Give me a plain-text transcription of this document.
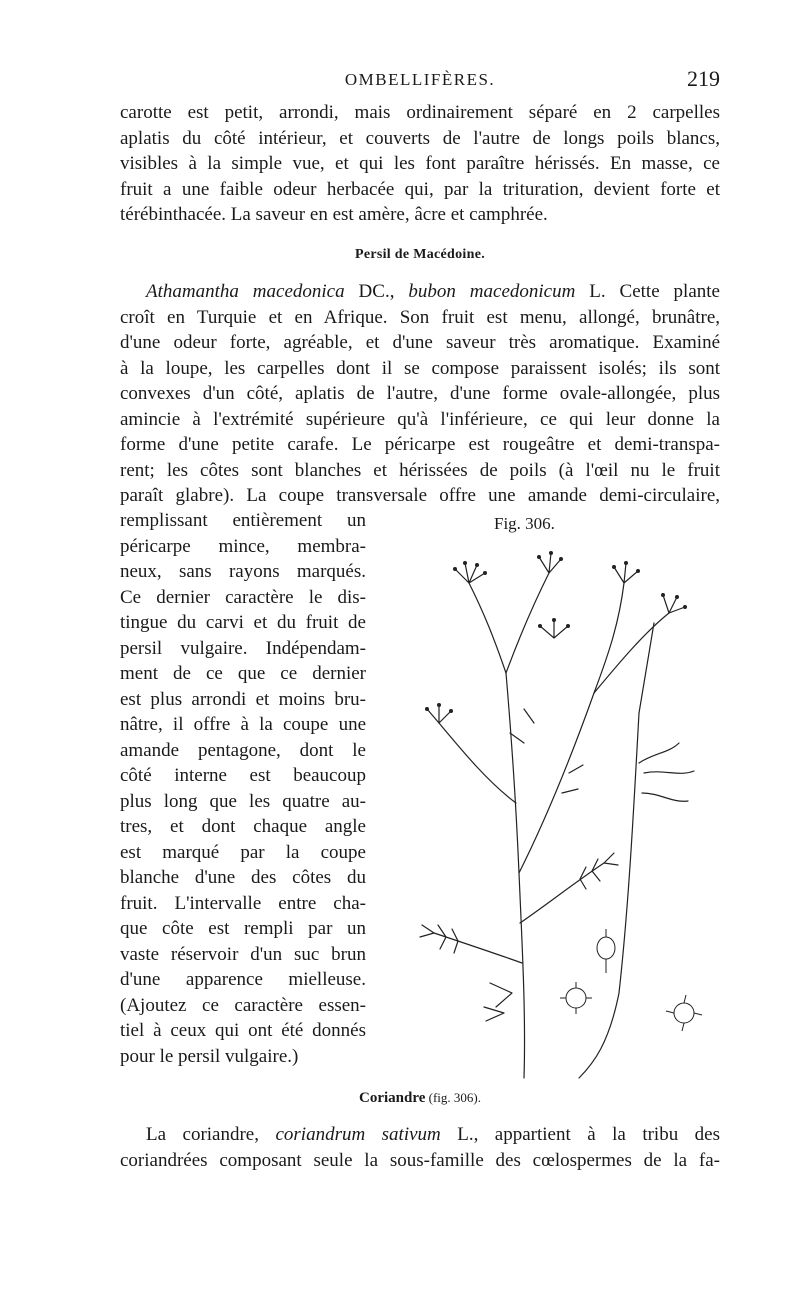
OMBELLIFÈRES.	219
carotte est petit, arrondi, mais ordinairement séparé en 2 carpelles
aplatis du côté intérieur, et couverts de l'autre de longs poils blancs,
visibles à la simple vue, et qui les font paraître hérissés. En masse, ce
fruit a une faible odeur herbacée qui, par la trituration, devient forte et
térébinthacée. La saveur en est amère, âcre et camphrée.
Persil de Macédoine.
Athamantha macedonica DC., bubon macedonicum L. Cette plante
croît en Turquie et en Afrique. Son fruit est menu, allongé, brunâtre,
d'une odeur forte, agréable, et d'une saveur très aromatique. Examiné
à la loupe, les carpelles dont il se compose paraissent isolés; ils sont
convexes d'un côté, aplatis de l'autre, d'une forme ovale-allongée, plus
amincie à l'extrémité supérieure qu'à l'inférieure, ce qui leur donne la
forme d'une petite carafe. Le péricarpe est rougeâtre et demi-transpa-
rent; les côtes sont blanches et hérissées de poils (à l'œil nu le fruit
paraît glabre). La coupe transversale offre une amande demi-circulaire,
remplissant entièrement un
péricarpe mince, membra-
neux, sans rayons marqués.
Ce dernier caractère le dis-
tingue du carvi et du fruit de
persil vulgaire. Indépendam-
ment de ce que ce dernier
est plus arrondi et moins bru-
nâtre, il offre à la coupe une
amande pentagone, dont le
côté interne est beaucoup
plus long que les quatre au-
tres, et dont chaque angle
est marqué par la coupe
blanche d'une des côtes du
fruit. L'intervalle entre cha-
que côte est rempli par un
vaste réservoir d'un suc brun
d'une apparence mielleuse.
(Ajoutez ce caractère essen-
tiel à ceux qui ont été donnés
pour le persil vulgaire.)
Fig. 306.
Coriandre (fig. 306).
La coriandre, coriandrum sativum L., appartient à la tribu des
coriandrées composant seule la sous-famille des cœlospermes de la fa-
